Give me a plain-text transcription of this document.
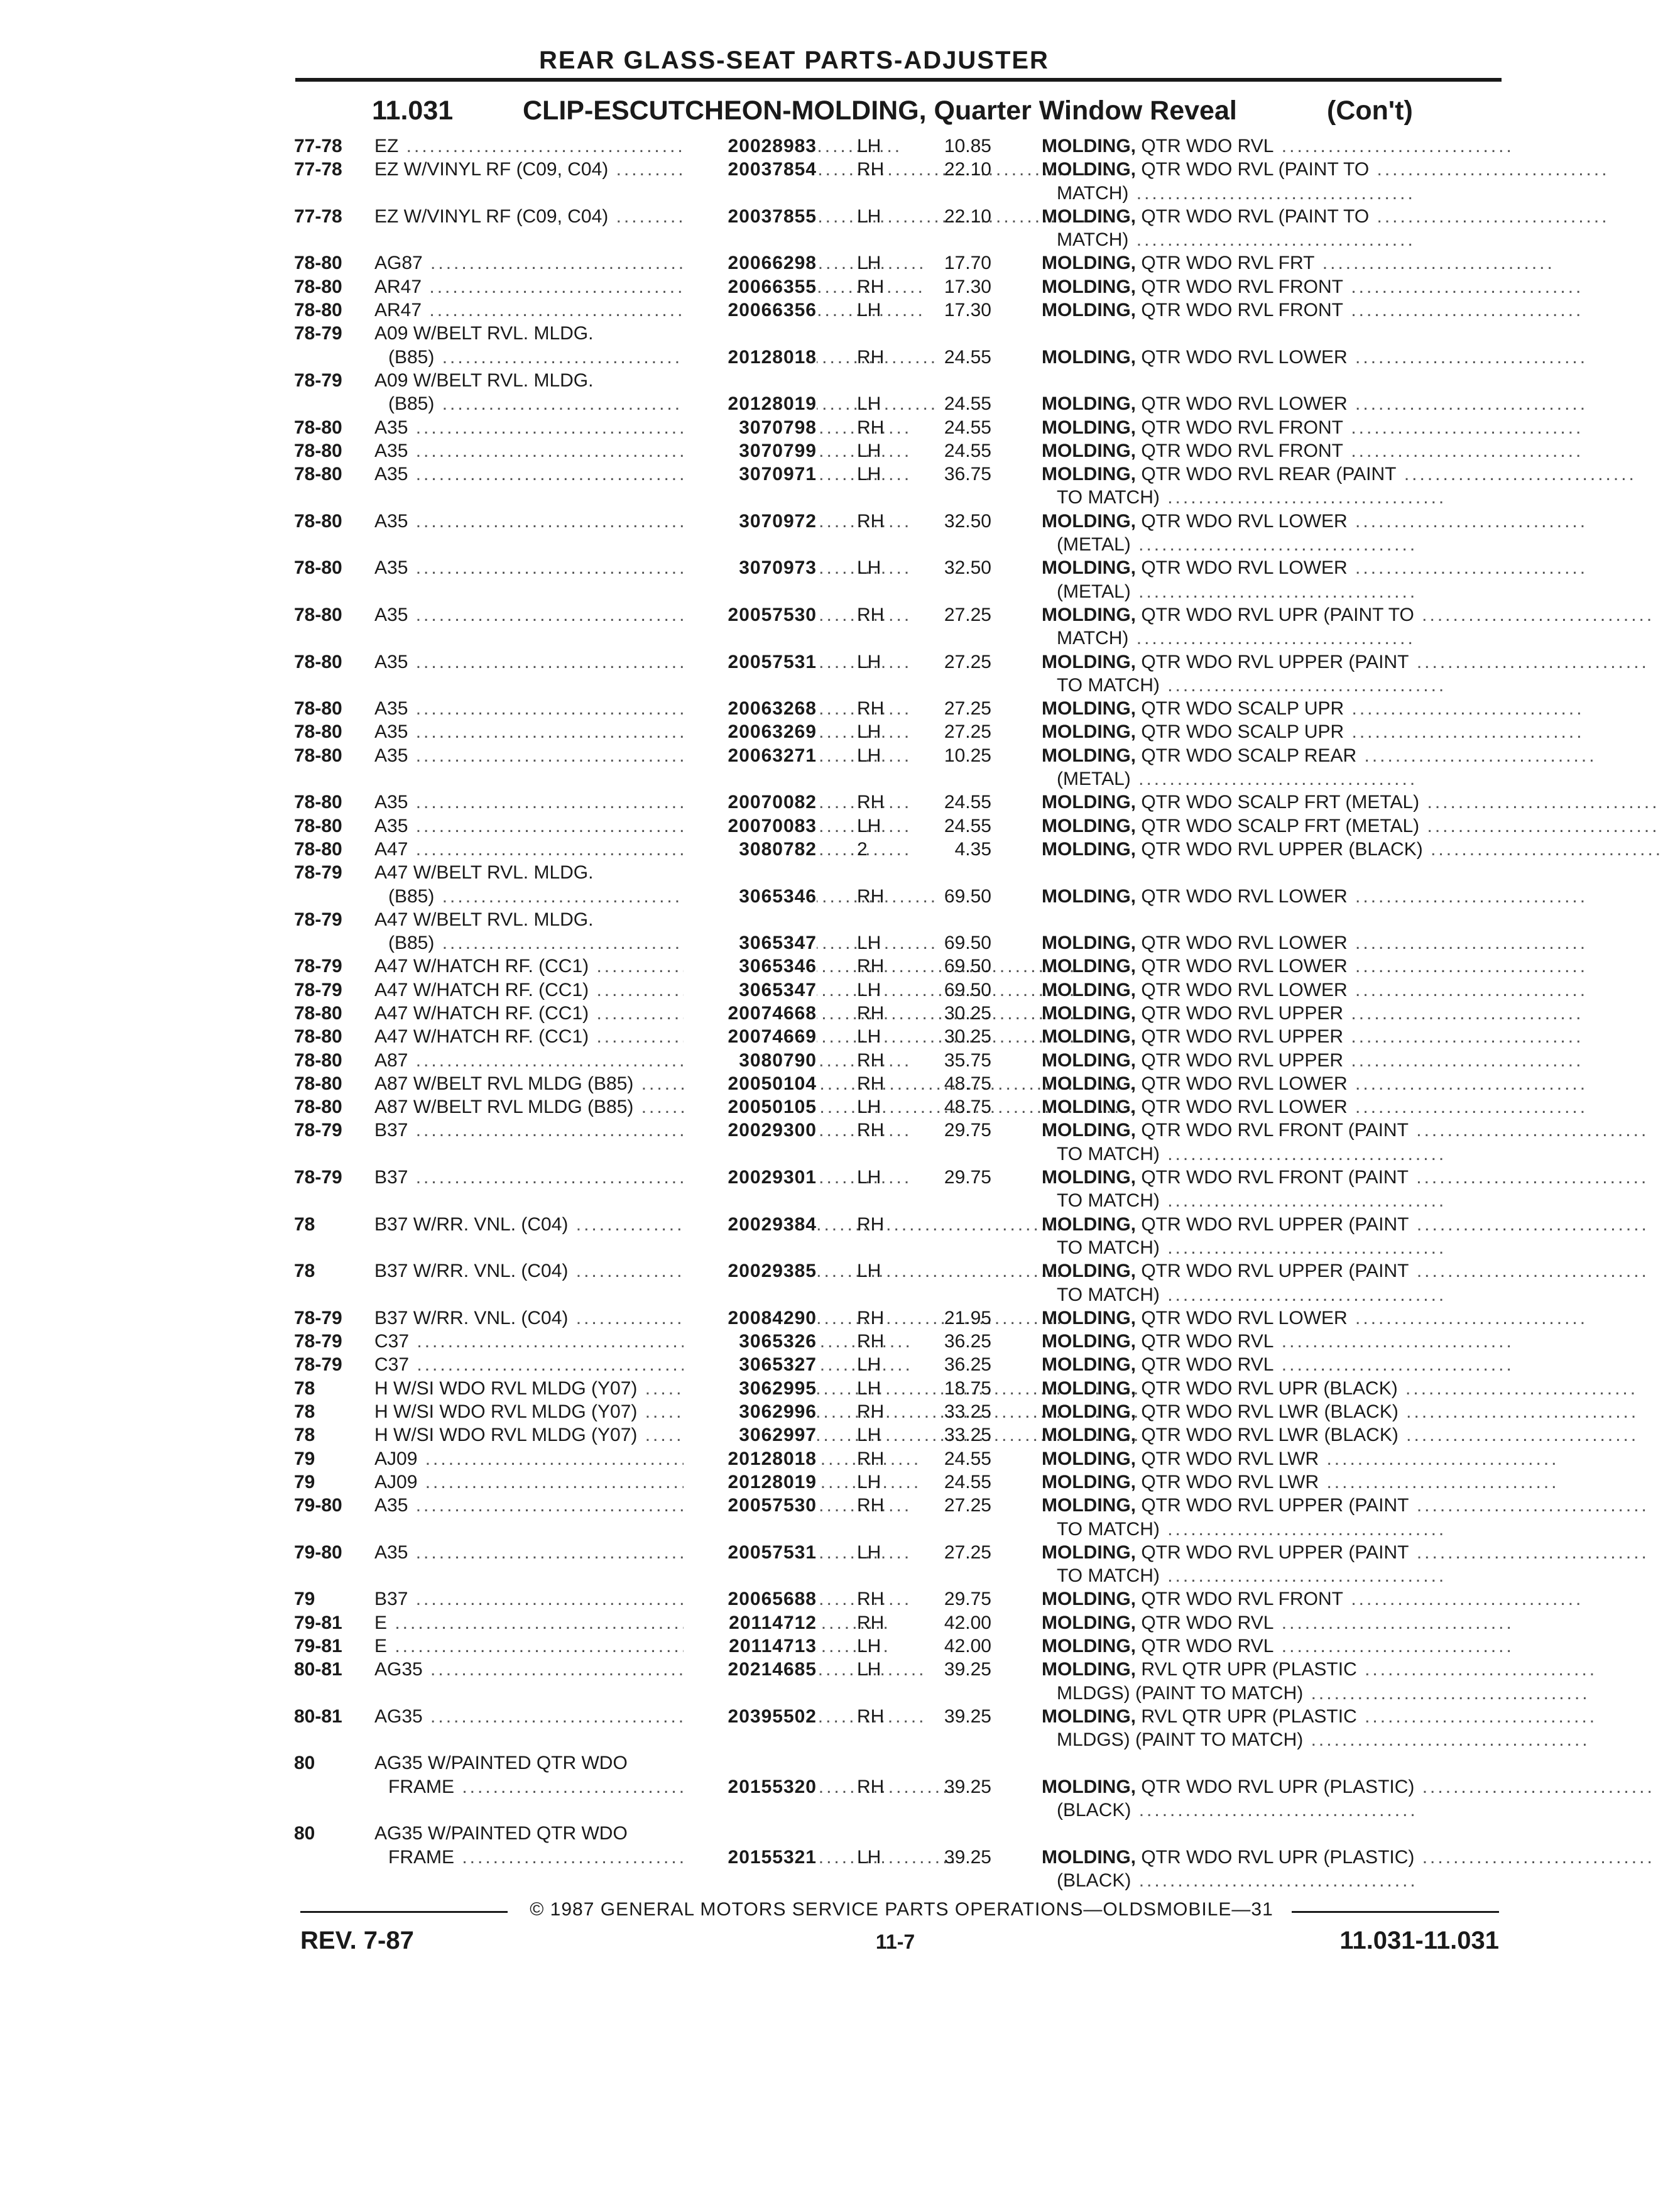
REAR GLASS-SEAT PARTS-ADJUSTER
11.031	CLIP-ESCUTCHEON-MOLDING, Quarter Window Reveal	(Con't)
77-78	EZ .....	20028983 LH	10.85	MOLDING, QTR WDO RVL ..............................
77-78	EZ W/VINYL RF (C09, C04) .....	20037854 RH	22.10	MOLDING, QTR WDO RVL (PAINT TO ..............................
MATCH) ....................................
77-78	EZ W/VINYL RF (C09, C04) .....	20037855 LH	22.10	MOLDING, QTR WDO RVL (PAINT TO ..............................
MATCH) ....................................
78-80	AG87 .....	20066298 LH	17.70	MOLDING, QTR WDO RVL FRT ..............................
78-80	AR47 .....	20066355 RH	17.30	MOLDING, QTR WDO RVL FRONT ..............................
78-80	AR47 .....	20066356 LH	17.30	MOLDING, QTR WDO RVL FRONT ..............................
78-79	A09 W/BELT RVL. MLDG.
(B85) .....	20128018 RH	24.55	MOLDING, QTR WDO RVL LOWER ..............................
78-79	A09 W/BELT RVL. MLDG.
(B85) .....	20128019 LH	24.55	MOLDING, QTR WDO RVL LOWER ..............................
78-80	A35 .....	3070798 RH	24.55	MOLDING, QTR WDO RVL FRONT ..............................
78-80	A35 .....	3070799 LH	24.55	MOLDING, QTR WDO RVL FRONT ..............................
78-80	A35 .....	3070971 LH	36.75	MOLDING, QTR WDO RVL REAR (PAINT ..............................
TO MATCH) ....................................
78-80	A35 .....	3070972 RH	32.50	MOLDING, QTR WDO RVL LOWER ..............................
(METAL) ....................................
78-80	A35 .....	3070973 LH	32.50	MOLDING, QTR WDO RVL LOWER ..............................
(METAL) ....................................
78-80	A35 .....	20057530 RH	27.25	MOLDING, QTR WDO RVL UPR (PAINT TO ..............................
MATCH) ....................................
78-80	A35 .....	20057531 LH	27.25	MOLDING, QTR WDO RVL UPPER (PAINT ..............................
TO MATCH) ....................................
78-80	A35 .....	20063268 RH	27.25	MOLDING, QTR WDO SCALP UPR ..............................
78-80	A35 .....	20063269 LH	27.25	MOLDING, QTR WDO SCALP UPR ..............................
78-80	A35 .....	20063271 LH	10.25	MOLDING, QTR WDO SCALP REAR ..............................
(METAL) ....................................
78-80	A35 .....	20070082 RH	24.55	MOLDING, QTR WDO SCALP FRT (METAL) ..............................
78-80	A35 .....	20070083 LH	24.55	MOLDING, QTR WDO SCALP FRT (METAL) ..............................
78-80	A47 .....	3080782 2	4.35	MOLDING, QTR WDO RVL UPPER (BLACK) ..............................
78-79	A47 W/BELT RVL. MLDG.
(B85) .....	3065346 RH	69.50	MOLDING, QTR WDO RVL LOWER ..............................
78-79	A47 W/BELT RVL. MLDG.
(B85) .....	3065347 LH	69.50	MOLDING, QTR WDO RVL LOWER ..............................
78-79	A47 W/HATCH RF. (CC1) .....	3065346 RH	69.50	MOLDING, QTR WDO RVL LOWER ..............................
78-79	A47 W/HATCH RF. (CC1) .....	3065347 LH	69.50	MOLDING, QTR WDO RVL LOWER ..............................
78-80	A47 W/HATCH RF. (CC1) .....	20074668 RH	30.25	MOLDING, QTR WDO RVL UPPER ..............................
78-80	A47 W/HATCH RF. (CC1) .....	20074669 LH	30.25	MOLDING, QTR WDO RVL UPPER ..............................
78-80	A87 .....	3080790 RH	35.75	MOLDING, QTR WDO RVL UPPER ..............................
78-80	A87 W/BELT RVL MLDG (B85) .....	20050104 RH	48.75	MOLDING, QTR WDO RVL LOWER ..............................
78-80	A87 W/BELT RVL MLDG (B85) .....	20050105 LH	48.75	MOLDING, QTR WDO RVL LOWER ..............................
78-79	B37 .....	20029300 RH	29.75	MOLDING, QTR WDO RVL FRONT (PAINT ..............................
TO MATCH) ....................................
78-79	B37 .....	20029301 LH	29.75	MOLDING, QTR WDO RVL FRONT (PAINT ..............................
TO MATCH) ....................................
78	B37 W/RR. VNL. (C04) .....	20029384 RH	MOLDING, QTR WDO RVL UPPER (PAINT ..............................
TO MATCH) ....................................
78	B37 W/RR. VNL. (C04) .....	20029385 LH	MOLDING, QTR WDO RVL UPPER (PAINT ..............................
TO MATCH) ....................................
78-79	B37 W/RR. VNL. (C04) .....	20084290 RH	21.95	MOLDING, QTR WDO RVL LOWER ..............................
78-79	C37 .....	3065326 RH	36.25	MOLDING, QTR WDO RVL ..............................
78-79	C37 .....	3065327 LH	36.25	MOLDING, QTR WDO RVL ..............................
78	H W/SI WDO RVL MLDG (Y07) .....	3062995 LH	18.75	MOLDING, QTR WDO RVL UPR (BLACK) ..............................
78	H W/SI WDO RVL MLDG (Y07) .....	3062996 RH	33.25	MOLDING, QTR WDO RVL LWR (BLACK) ..............................
78	H W/SI WDO RVL MLDG (Y07) .....	3062997 LH	33.25	MOLDING, QTR WDO RVL LWR (BLACK) ..............................
79	AJ09 .....	20128018 RH	24.55	MOLDING, QTR WDO RVL LWR ..............................
79	AJ09 .....	20128019 LH	24.55	MOLDING, QTR WDO RVL LWR ..............................
79-80	A35 .....	20057530 RH	27.25	MOLDING, QTR WDO RVL UPPER (PAINT ..............................
TO MATCH) ....................................
79-80	A35 .....	20057531 LH	27.25	MOLDING, QTR WDO RVL UPPER (PAINT ..............................
TO MATCH) ....................................
79	B37 .....	20065688 RH	29.75	MOLDING, QTR WDO RVL FRONT ..............................
79-81	E .....	20114712 RH	42.00	MOLDING, QTR WDO RVL ..............................
79-81	E .....	20114713 LH	42.00	MOLDING, QTR WDO RVL ..............................
80-81	AG35 .....	20214685 LH	39.25	MOLDING, RVL QTR UPR (PLASTIC ..............................
MLDGS) (PAINT TO MATCH) ....................................
80-81	AG35 .....	20395502 RH	39.25	MOLDING, RVL QTR UPR (PLASTIC ..............................
MLDGS) (PAINT TO MATCH) ....................................
80	AG35 W/PAINTED QTR WDO
FRAME .....	20155320 RH	39.25	MOLDING, QTR WDO RVL UPR (PLASTIC) ..............................
(BLACK) ....................................
80	AG35 W/PAINTED QTR WDO
FRAME .....	20155321 LH	39.25	MOLDING, QTR WDO RVL UPR (PLASTIC) ..............................
(BLACK) ....................................
© 1987 GENERAL MOTORS SERVICE PARTS OPERATIONS—OLDSMOBILE—31
REV. 7-87	11-7	11.031-11.031
